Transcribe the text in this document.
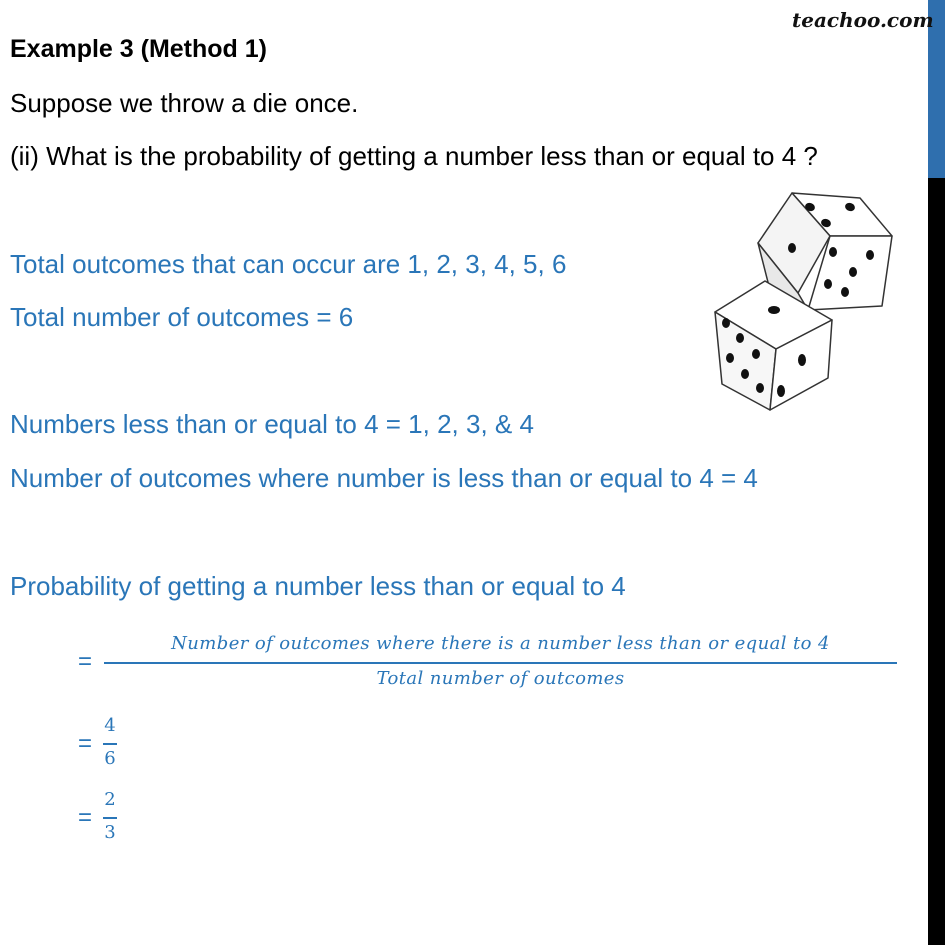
teachoo.com
Example 3 (Method 1)
Suppose we throw a die once.
(ii) What is the probability of getting a number less than or equal to 4 ?
Total outcomes that can occur are 1, 2, 3, 4, 5, 6
Total number of outcomes = 6
Numbers less than or equal to 4 = 1, 2, 3, & 4
Number of outcomes where number is less than or equal to 4 = 4
Probability of getting a number less than or equal to 4
=
Number of outcomes where there is a number less than or equal to 4
Total number of outcomes
=
4
6
=
2
3
